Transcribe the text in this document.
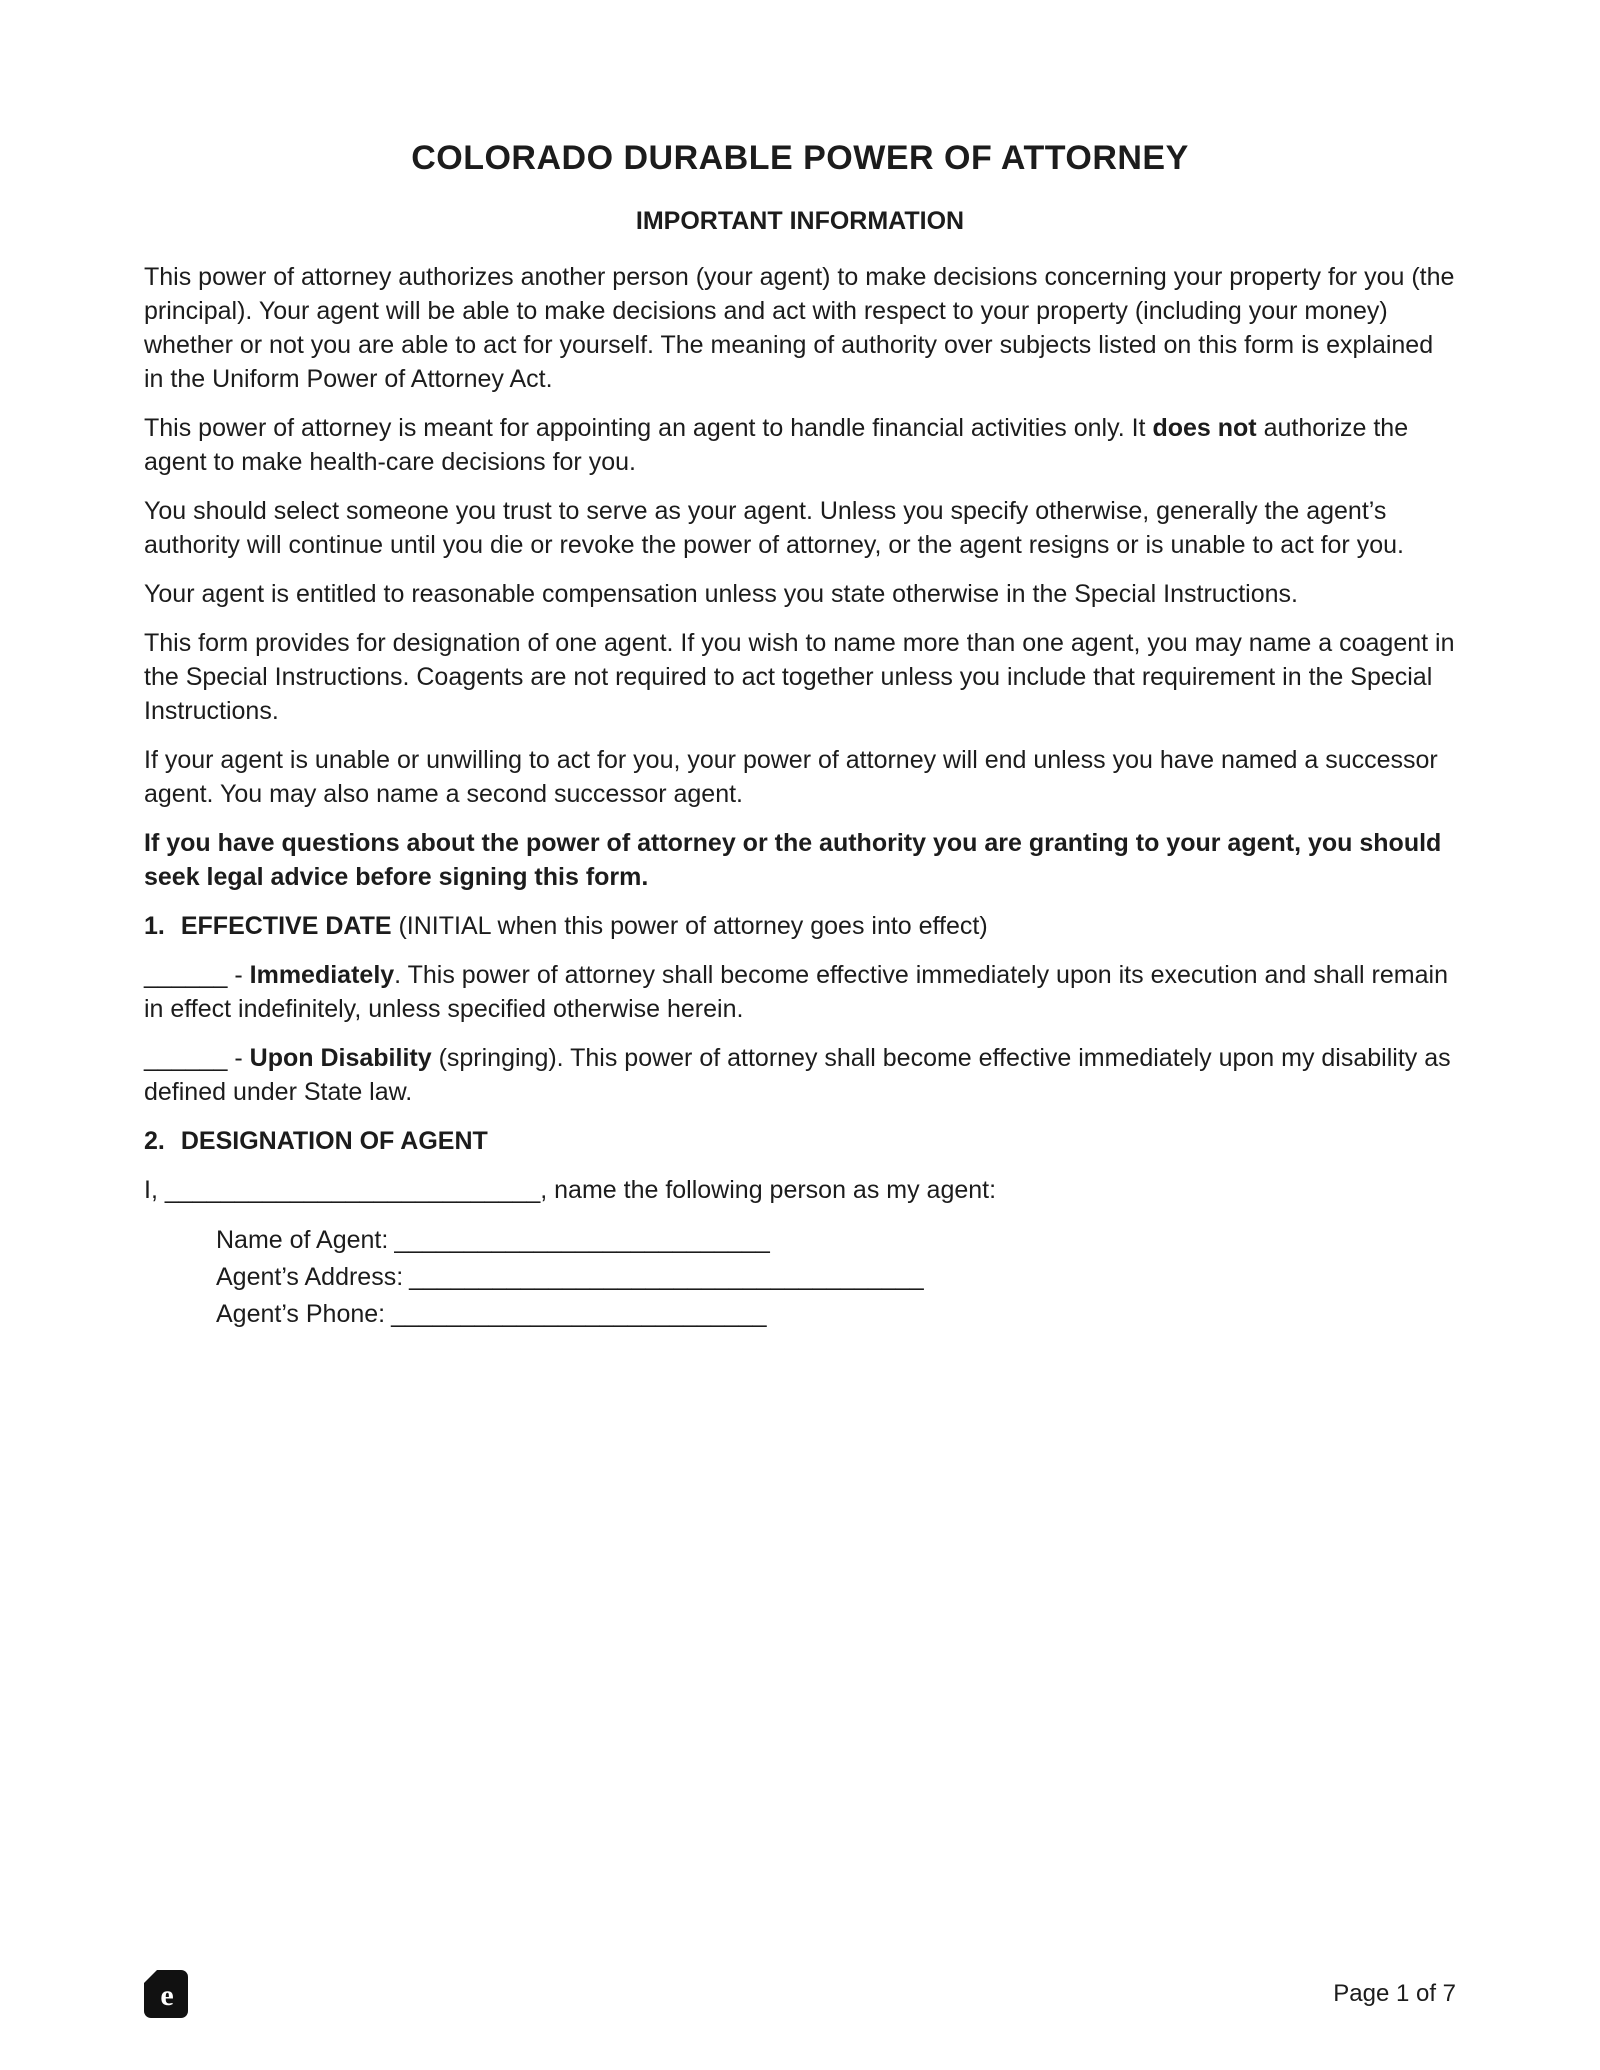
COLORADO DURABLE POWER OF ATTORNEY
IMPORTANT INFORMATION

This power of attorney authorizes another person (your agent) to make decisions concerning your property for you (the principal). Your agent will be able to make decisions and act with respect to your property (including your money) whether or not you are able to act for yourself. The meaning of authority over subjects listed on this form is explained in the Uniform Power of Attorney Act.

This power of attorney is meant for appointing an agent to handle financial activities only. It does not authorize the agent to make health-care decisions for you.

You should select someone you trust to serve as your agent. Unless you specify otherwise, generally the agent’s authority will continue until you die or revoke the power of attorney, or the agent resigns or is unable to act for you.

Your agent is entitled to reasonable compensation unless you state otherwise in the Special Instructions.

This form provides for designation of one agent. If you wish to name more than one agent, you may name a coagent in the Special Instructions. Coagents are not required to act together unless you include that requirement in the Special Instructions.

If your agent is unable or unwilling to act for you, your power of attorney will end unless you have named a successor agent. You may also name a second successor agent.

If you have questions about the power of attorney or the authority you are granting to your agent, you should seek legal advice before signing this form.

1. EFFECTIVE DATE (INITIAL when this power of attorney goes into effect)

______ - Immediately. This power of attorney shall become effective immediately upon its execution and shall remain in effect indefinitely, unless specified otherwise herein.

______ - Upon Disability (springing). This power of attorney shall become effective immediately upon my disability as defined under State law.

2. DESIGNATION OF AGENT

I, ___________________________, name the following person as my agent:

Name of Agent: ___________________________
Agent’s Address: _____________________________________
Agent’s Phone: ___________________________
e	Page 1 of 7
